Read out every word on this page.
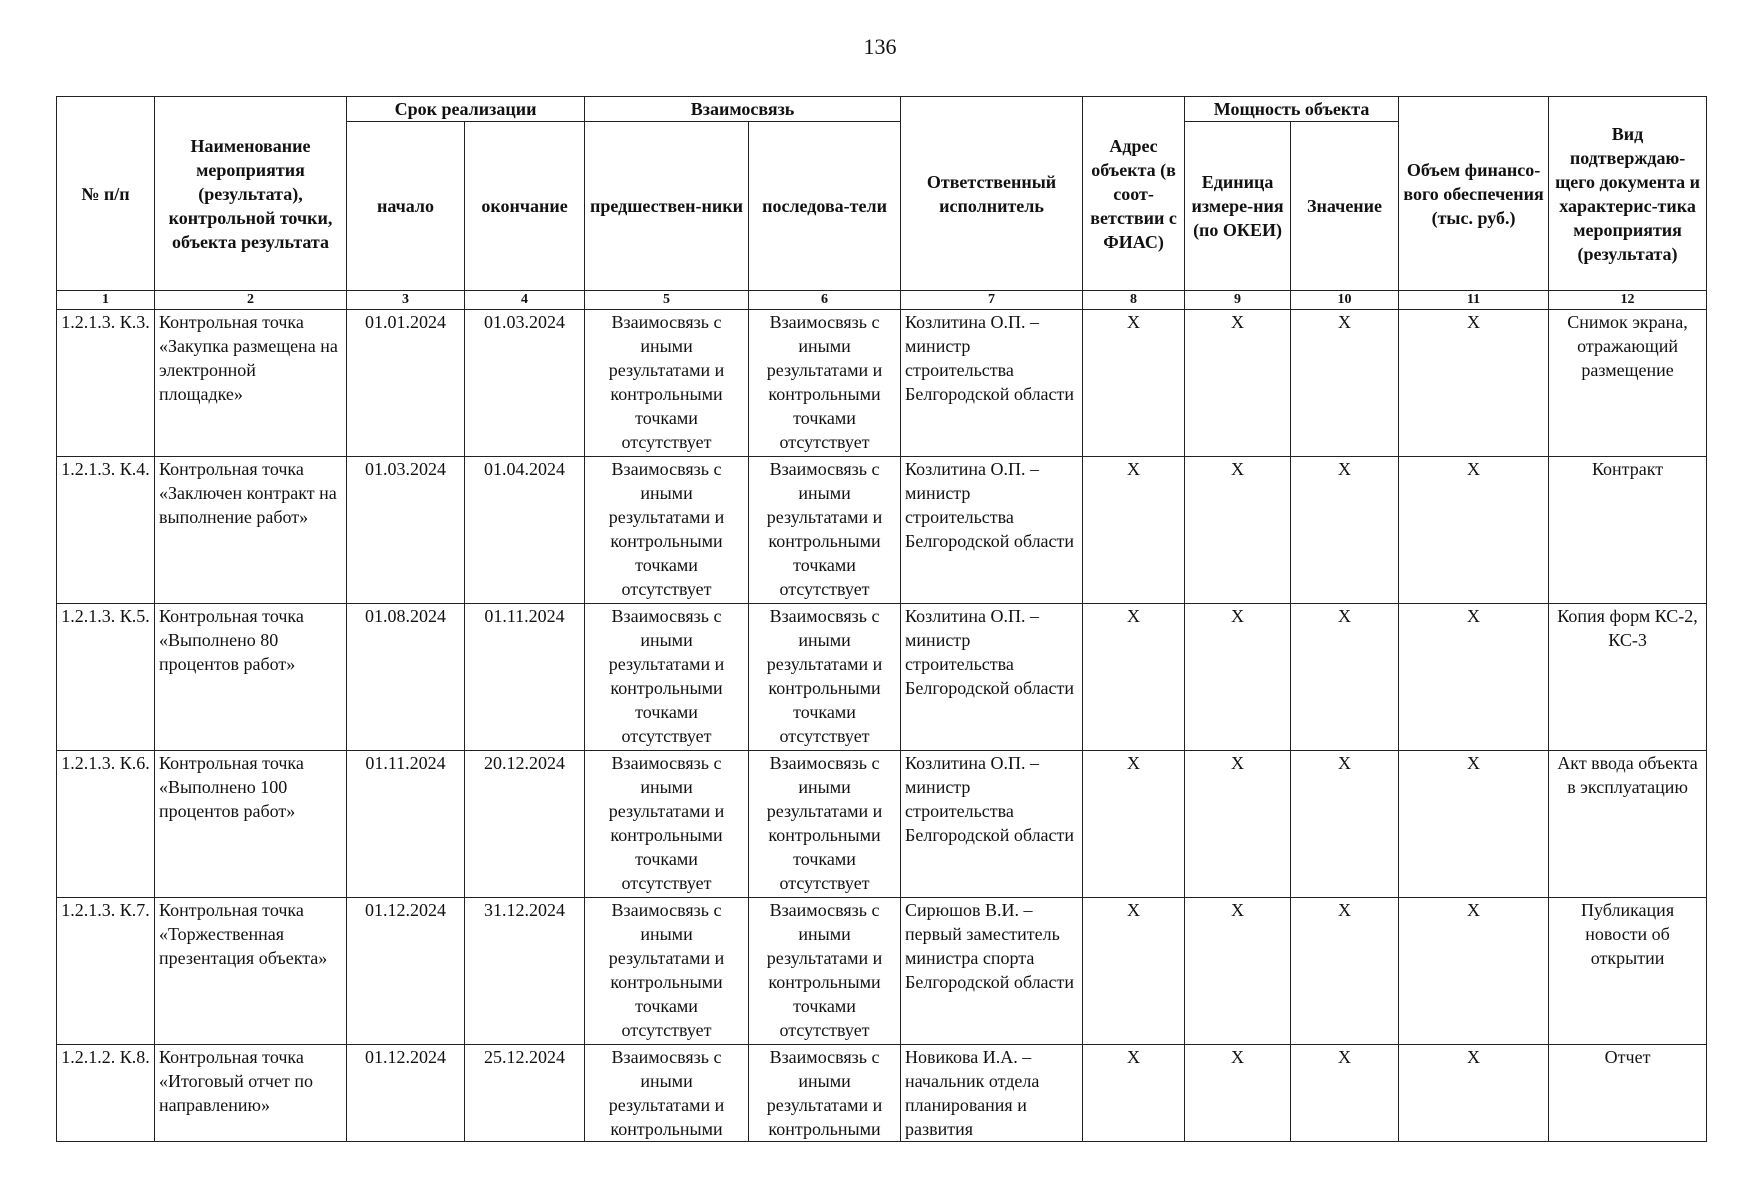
136
№ п/п	Наименование мероприятия (результата), контрольной точки, объекта результата	Срок реализации		Взаимосвязь		Ответственный исполнитель	Адрес объекта (в соот-ветствии с ФИАС)	Мощность объекта		Объем финансо-вого обеспечения (тыс. руб.)	Вид подтверждаю-щего документа и характерис-тика мероприятия (результата)
		начало	окончание	предшествен-ники	последова-тели			Единица измере-ния (по ОКЕИ)	Значение		
1	2	3	4	5	6	7	8	9	10	11	12
1.2.1.3. К.3.	Контрольная точка «Закупка размещена на электронной площадке»	01.01.2024	01.03.2024	Взаимосвязь с иными результатами и контрольными точками отсутствует	Взаимосвязь с иными результатами и контрольными точками отсутствует	Козлитина О.П. – министр строительства Белгородской области	Х	Х	Х	Х	Снимок экрана, отражающий размещение
1.2.1.3. К.4.	Контрольная точка «Заключен контракт на выполнение работ»	01.03.2024	01.04.2024	Взаимосвязь с иными результатами и контрольными точками отсутствует	Взаимосвязь с иными результатами и контрольными точками отсутствует	Козлитина О.П. – министр строительства Белгородской области	Х	Х	Х	Х	Контракт
1.2.1.3. К.5.	Контрольная точка «Выполнено 80 процентов работ»	01.08.2024	01.11.2024	Взаимосвязь с иными результатами и контрольными точками отсутствует	Взаимосвязь с иными результатами и контрольными точками отсутствует	Козлитина О.П. – министр строительства Белгородской области	Х	Х	Х	Х	Копия форм КС-2, КС-3
1.2.1.3. К.6.	Контрольная точка «Выполнено 100 процентов работ»	01.11.2024	20.12.2024	Взаимосвязь с иными результатами и контрольными точками отсутствует	Взаимосвязь с иными результатами и контрольными точками отсутствует	Козлитина О.П. – министр строительства Белгородской области	Х	Х	Х	Х	Акт ввода объекта в эксплуатацию
1.2.1.3. К.7.	Контрольная точка «Торжественная презентация объекта»	01.12.2024	31.12.2024	Взаимосвязь с иными результатами и контрольными точками отсутствует	Взаимосвязь с иными результатами и контрольными точками отсутствует	Сирюшов В.И. – первый заместитель министра спорта Белгородской области	Х	Х	Х	Х	Публикация новости об открытии
1.2.1.2. К.8.	Контрольная точка «Итоговый отчет по направлению»	01.12.2024	25.12.2024	Взаимосвязь с иными результатами и контрольными	Взаимосвязь с иными результатами и контрольными	Новикова И.А. – начальник отдела планирования и развития	Х	Х	Х	Х	Отчет
